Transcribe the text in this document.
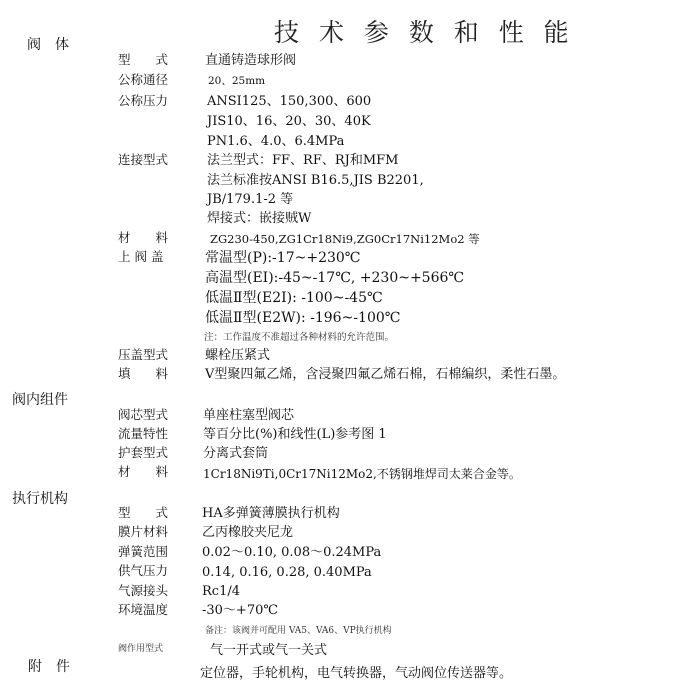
技 术 参 数 和 性 能
阀　体
阀内组件
执行机构
附　件
型　　式	直通铸造球形阀
公称通径	20、25mm
公称压力	ANSI125、150,300、600
JIS10、16、20、30、40K
PN1.6、4.0、6.4MPa
连接型式	法兰型式：FF、RF、RJ和MFM
法兰标准按ANSI B16.5,JIS B2201,
JB/179.1-2 等
焊接式：嵌接贼W
材　　料	ZG230-450,ZG1Cr18Ni9,ZG0Cr17Ni12Mo2 等
上 阀 盖	常温型(P):-17~+230℃
高温型(EI):-45~-17℃, +230~+566℃
低温Ⅱ型(E2I): -100~-45℃
低温Ⅱ型(E2W): -196~-100℃
注：工作温度不准超过各种材料的允许范围。
压盖型式	螺栓压紧式
填　　料	V型聚四氟乙烯，含浸聚四氟乙烯石棉，石棉编织，柔性石墨。
阀芯型式	单座柱塞型阀芯
流量特性	等百分比(%)和线性(L)参考图 1
护套型式	分离式套筒
材　　料	1Cr18Ni9Ti,0Cr17Ni12Mo2,不锈钢堆焊司太莱合金等。
型　　式	HA多弹簧薄膜执行机构
膜片材料	乙丙橡胶夹尼龙
弹簧范围	0.02～0.10, 0.08～0.24MPa
供气压力	0.14, 0.16, 0.28, 0.40MPa
气源接头	Rc1/4
环境温度	-30～+70℃
备注：该阀并可配用 VA5、VA6、VP执行机构
阀作用型式	气一开式或气一关式
定位器，手轮机构，电气转换器，气动阀位传送器等。
